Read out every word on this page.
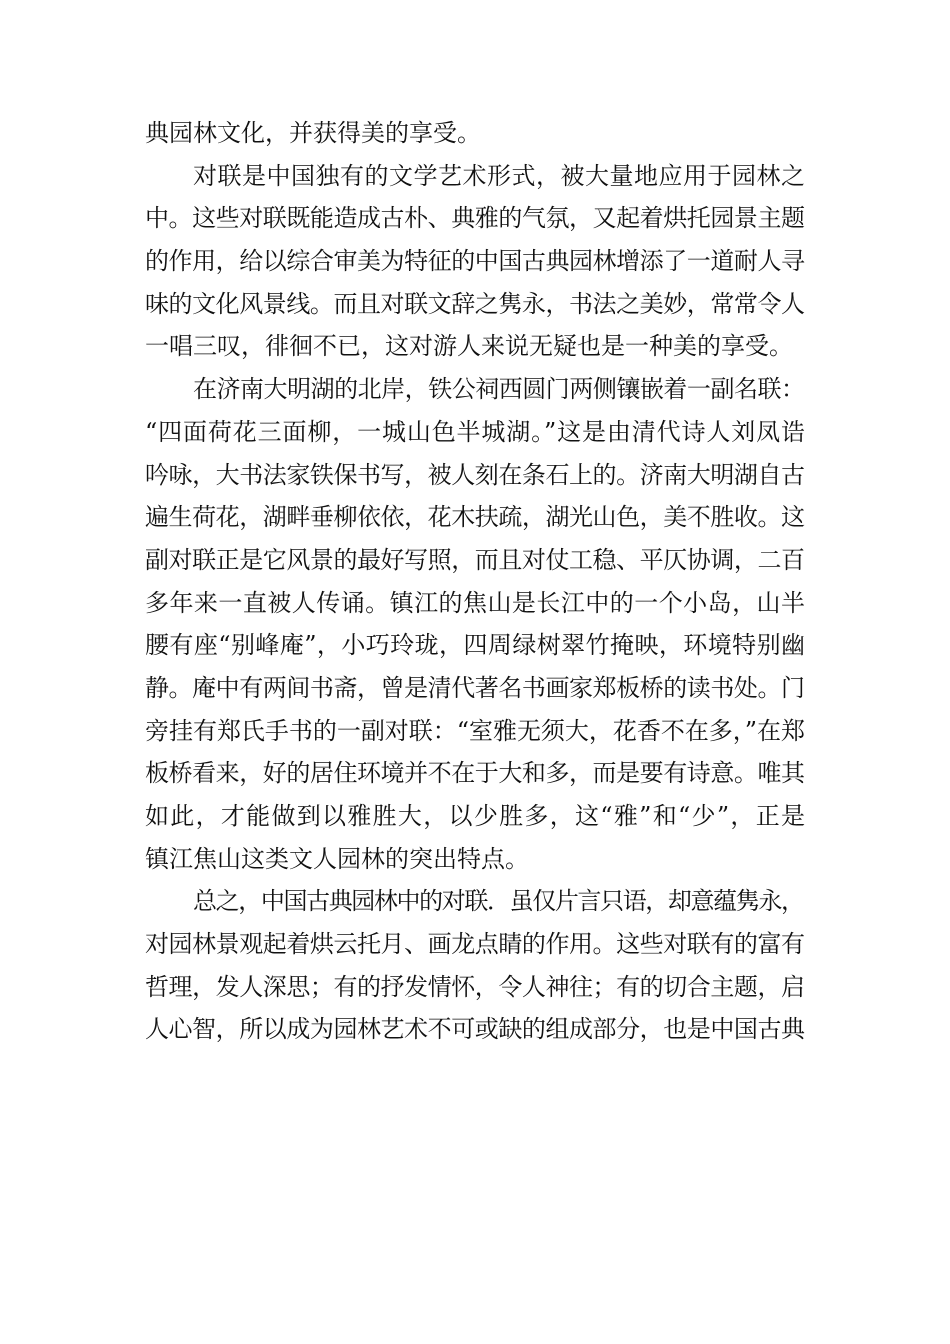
典园林文化，并获得美的享受。
对联是中国独有的文学艺术形式，被大量地应用于园林之
中。这些对联既能造成古朴、典雅的气氛，又起着烘托园景主题
的作用，给以综合审美为特征的中国古典园林增添了一道耐人寻
味的文化风景线。而且对联文辞之隽永，书法之美妙，常常令人
一唱三叹，徘徊不已，这对游人来说无疑也是一种美的享受。
在济南大明湖的北岸，铁公祠西圆门两侧镶嵌着一副名联：
“四面荷花三面柳，一城山色半城湖。”这是由清代诗人刘凤诰
吟咏，大书法家铁保书写，被人刻在条石上的。济南大明湖自古
遍生荷花，湖畔垂柳依依，花木扶疏，湖光山色，美不胜收。这
副对联正是它风景的最好写照，而且对仗工稳、平仄协调，二百
多年来一直被人传诵。镇江的焦山是长江中的一个小岛，山半
腰有座“别峰庵”，小巧玲珑，四周绿树翠竹掩映，环境特别幽
静。庵中有两间书斋，曾是清代著名书画家郑板桥的读书处。门
旁挂有郑氏手书的一副对联：“室雅无须大，花香不在多，”在郑
板桥看来，好的居住环境并不在于大和多，而是要有诗意。唯其
如此，才能做到以雅胜大，以少胜多，这“雅”和“少”，正是
镇江焦山这类文人园林的突出特点。
总之，中国古典园林中的对联．虽仅片言只语，却意蕴隽永，
对园林景观起着烘云托月、画龙点睛的作用。这些对联有的富有
哲理，发人深思；有的抒发情怀，令人神往；有的切合主题，启
人心智，所以成为园林艺术不可或缺的组成部分，也是中国古典
